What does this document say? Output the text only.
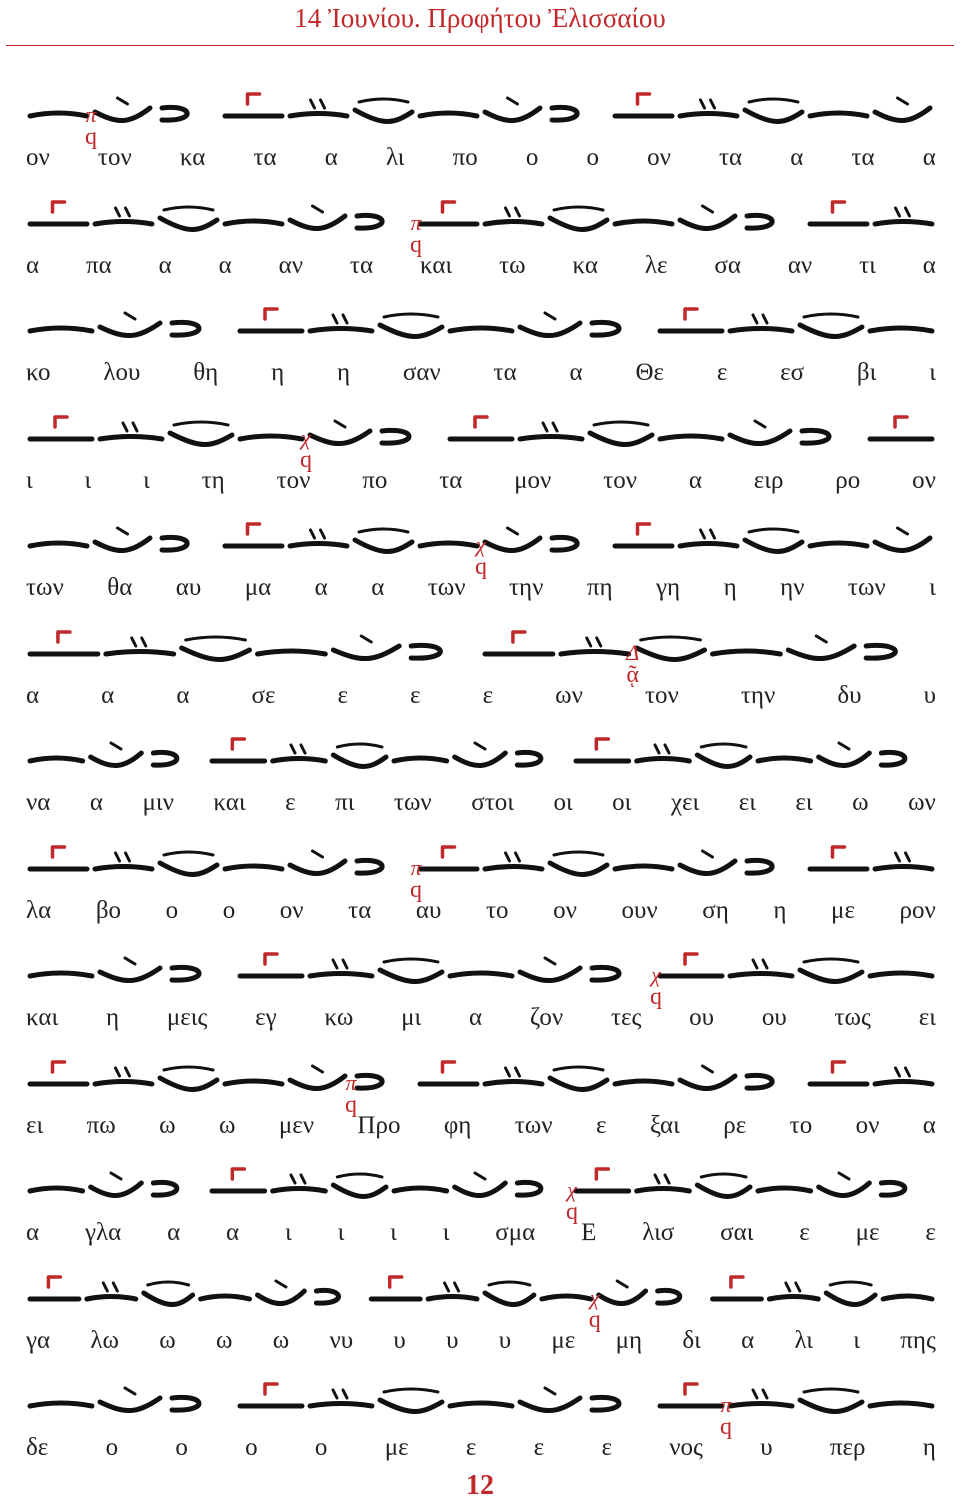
14 Ἰουνίου. Προφήτου Ἐλισσαίου
ον τον κα τα α λι πο ο ο ον τα α τα α
π
q
α πα α α αν τα και τω κα λε σα αν τι α
π
q
κο λου θη η η σαν τα α Θε ε εσ βι ι
ι ι ι τη τον πο τα μον τον α ειρ ρο ον
χ
q
των θα αυ μα α α των την πη γη η ην των ι
χ
q
α α α σε ε ε ε ων τον την δυ υ
Δ
ᾷ
να α μιν και ε πι των στοι οι οι χει ει ει ω ων
λα βο ο ο ον τα αυ το ον ουν ση η με ρον
π
q
και η μεις εγ κω μι α ζον τες ου ου τως ει
χ
q
ει πω ω ω μεν Προ φη των ε ξαι ρε το ον α
π
q
α γλα α α ι ι ι ι σμα Ε λισ σαι ε με ε
χ
q
γα λω ω ω ω νυ υ υ υ με μη δι α λι ι πης
χ
q
δε ο ο ο ο με ε ε ε νος υ περ η
π
q
12
